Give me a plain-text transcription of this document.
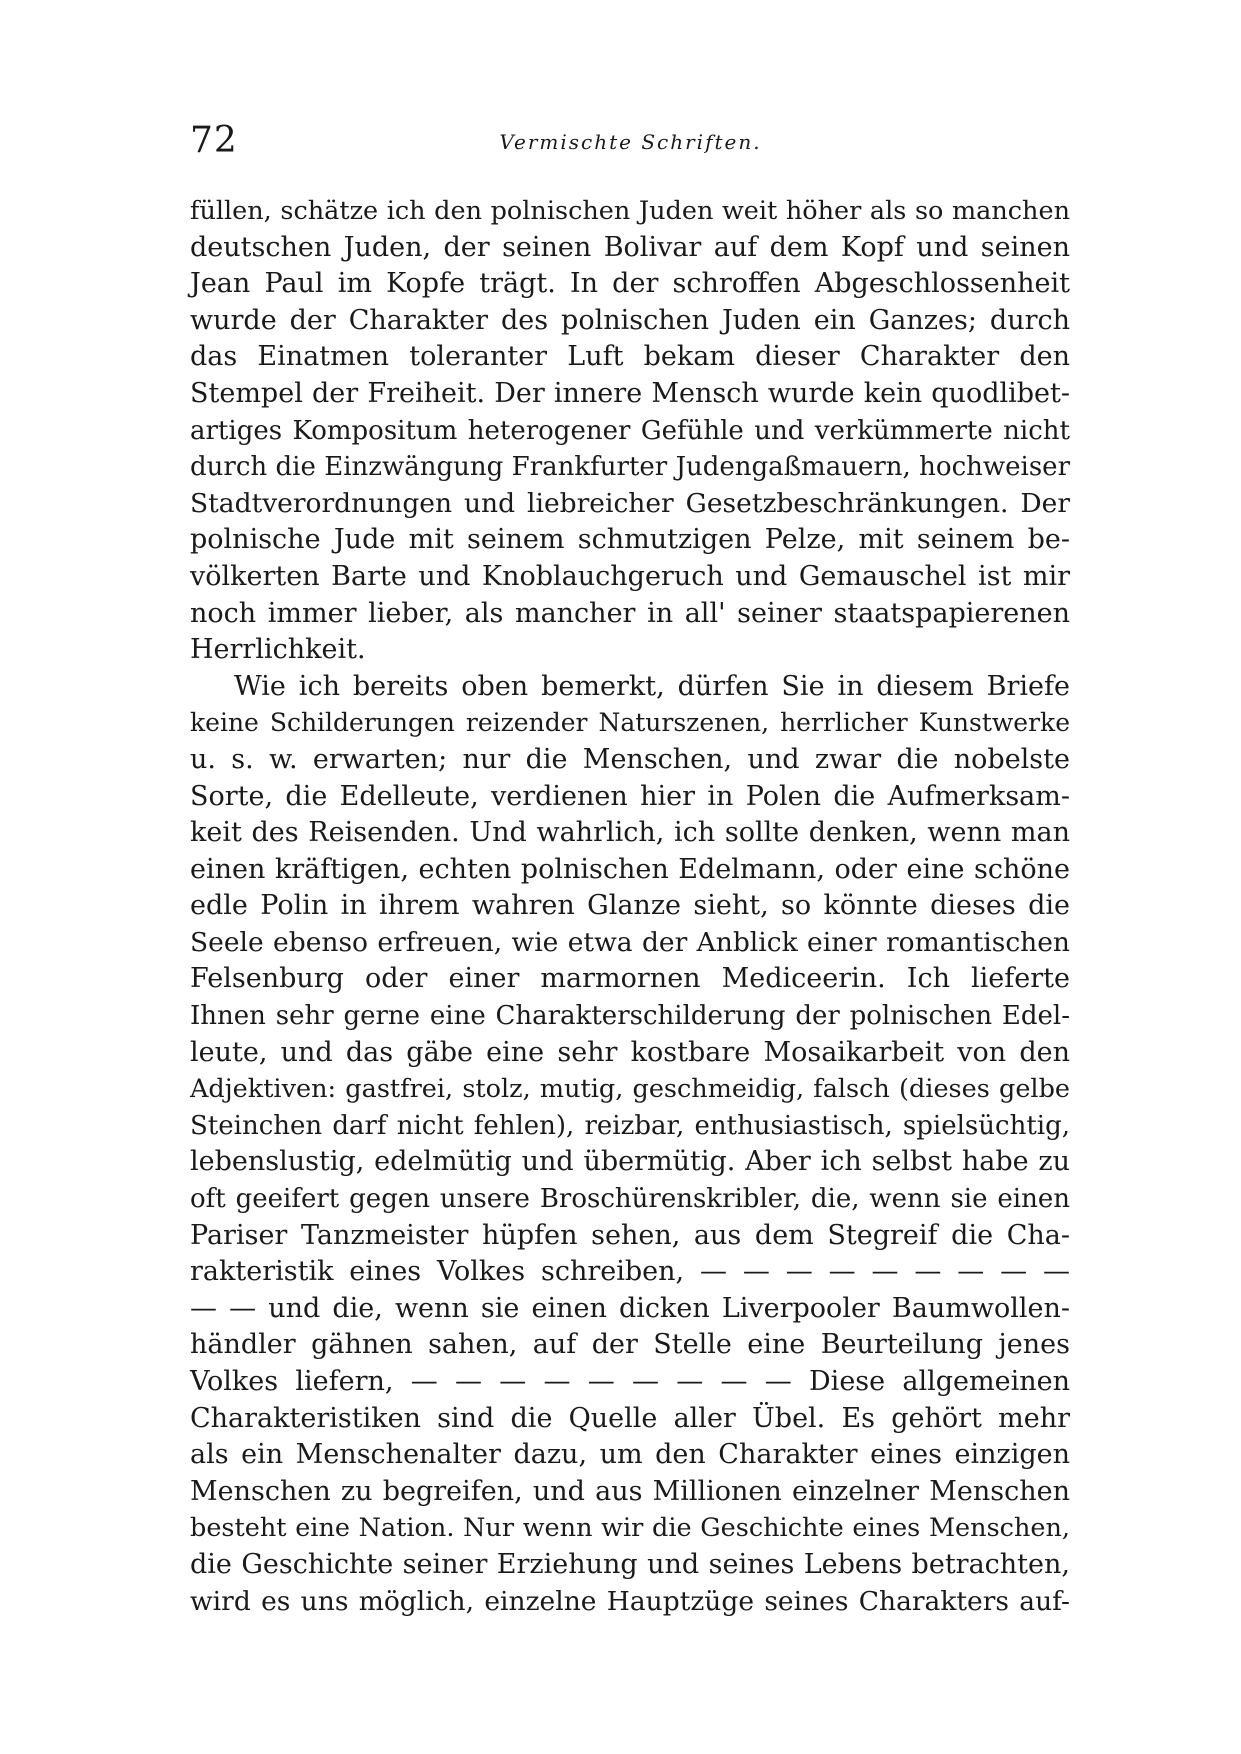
72	Vermischte Schriften.
füllen, schätze ich den polnischen Juden weit höher als so manchen
deutschen Juden, der seinen Bolivar auf dem Kopf und seinen
Jean Paul im Kopfe trägt. In der schroffen Abgeschlossenheit
wurde der Charakter des polnischen Juden ein Ganzes; durch
das Einatmen toleranter Luft bekam dieser Charakter den
Stempel der Freiheit. Der innere Mensch wurde kein quodlibet-
artiges Kompositum heterogener Gefühle und verkümmerte nicht
durch die Einzwängung Frankfurter Judengaßmauern, hochweiser
Stadtverordnungen und liebreicher Gesetzbeschränkungen. Der
polnische Jude mit seinem schmutzigen Pelze, mit seinem be-
völkerten Barte und Knoblauchgeruch und Gemauschel ist mir
noch immer lieber, als mancher in all' seiner staatspapierenen
Herrlichkeit.
Wie ich bereits oben bemerkt, dürfen Sie in diesem Briefe
keine Schilderungen reizender Naturszenen, herrlicher Kunstwerke
u. s. w. erwarten; nur die Menschen, und zwar die nobelste
Sorte, die Edelleute, verdienen hier in Polen die Aufmerksam-
keit des Reisenden. Und wahrlich, ich sollte denken, wenn man
einen kräftigen, echten polnischen Edelmann, oder eine schöne
edle Polin in ihrem wahren Glanze sieht, so könnte dieses die
Seele ebenso erfreuen, wie etwa der Anblick einer romantischen
Felsenburg oder einer marmornen Mediceerin. Ich lieferte
Ihnen sehr gerne eine Charakterschilderung der polnischen Edel-
leute, und das gäbe eine sehr kostbare Mosaikarbeit von den
Adjektiven: gastfrei, stolz, mutig, geschmeidig, falsch (dieses gelbe
Steinchen darf nicht fehlen), reizbar, enthusiastisch, spielsüchtig,
lebenslustig, edelmütig und übermütig. Aber ich selbst habe zu
oft geeifert gegen unsere Broschürenskribler, die, wenn sie einen
Pariser Tanzmeister hüpfen sehen, aus dem Stegreif die Cha-
rakteristik eines Volkes schreiben, — — — — — — — — —
— — und die, wenn sie einen dicken Liverpooler Baumwollen-
händler gähnen sahen, auf der Stelle eine Beurteilung jenes
Volkes liefern, — — — — — — — — — Diese allgemeinen
Charakteristiken sind die Quelle aller Übel. Es gehört mehr
als ein Menschenalter dazu, um den Charakter eines einzigen
Menschen zu begreifen, und aus Millionen einzelner Menschen
besteht eine Nation. Nur wenn wir die Geschichte eines Menschen,
die Geschichte seiner Erziehung und seines Lebens betrachten,
wird es uns möglich, einzelne Hauptzüge seines Charakters auf-
